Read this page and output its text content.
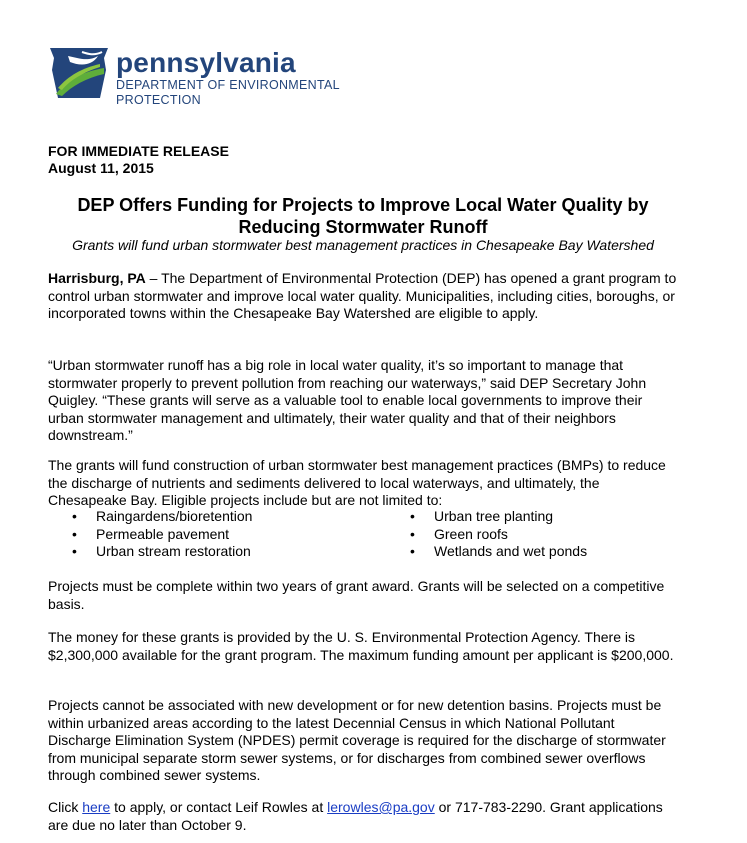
pennsylvania
DEPARTMENT OF ENVIRONMENTAL
PROTECTION
FOR IMMEDIATE RELEASE
August 11, 2015
DEP Offers Funding for Projects to Improve Local Water Quality by
Reducing Stormwater Runoff
Grants will fund urban stormwater best management practices in Chesapeake Bay Watershed
Harrisburg, PA – The Department of Environmental Protection (DEP) has opened a grant program to control urban stormwater and improve local water quality. Municipalities, including cities, boroughs, or incorporated towns within the Chesapeake Bay Watershed are eligible to apply.
“Urban stormwater runoff has a big role in local water quality, it’s so important to manage that stormwater properly to prevent pollution from reaching our waterways,” said DEP Secretary John Quigley. “These grants will serve as a valuable tool to enable local governments to improve their urban stormwater management and ultimately, their water quality and that of their neighbors downstream.”
The grants will fund construction of urban stormwater best management practices (BMPs) to reduce the discharge of nutrients and sediments delivered to local waterways, and ultimately, the Chesapeake Bay. Eligible projects include but are not limited to:
• Raingardens/bioretention
• Permeable pavement
• Urban stream restoration
• Urban tree planting
• Green roofs
• Wetlands and wet ponds
Projects must be complete within two years of grant award. Grants will be selected on a competitive basis.
The money for these grants is provided by the U. S. Environmental Protection Agency. There is $2,300,000 available for the grant program. The maximum funding amount per applicant is $200,000.
Projects cannot be associated with new development or for new detention basins. Projects must be within urbanized areas according to the latest Decennial Census in which National Pollutant Discharge Elimination System (NPDES) permit coverage is required for the discharge of stormwater from municipal separate storm sewer systems, or for discharges from combined sewer overflows through combined sewer systems.
Click here to apply, or contact Leif Rowles at lerowles@pa.gov or 717-783-2290. Grant applications are due no later than October 9.
